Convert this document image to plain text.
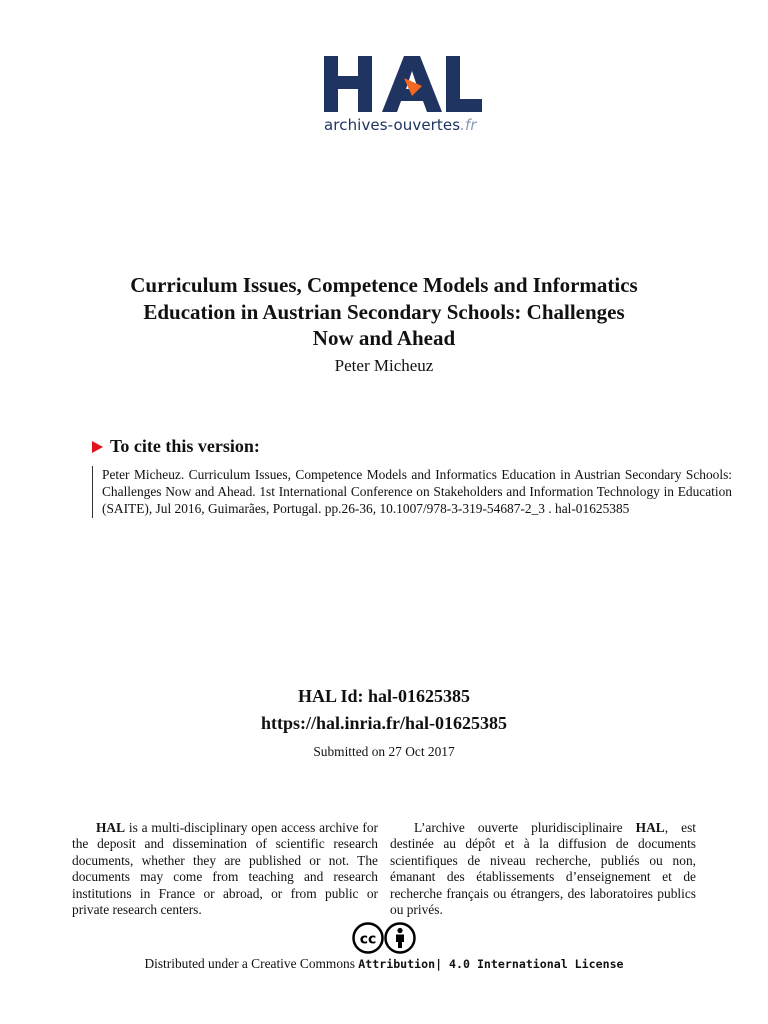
archives-ouvertes.fr
Curriculum Issues, Competence Models and Informatics
Education in Austrian Secondary Schools: Challenges
Now and Ahead
Peter Micheuz
To cite this version:
Peter Micheuz. Curriculum Issues, Competence Models and Informatics Education in Austrian Secondary Schools: Challenges Now and Ahead. 1st International Conference on Stakeholders and Information Technology in Education (SAITE), Jul 2016, Guimarães, Portugal. pp.26-36, 10.1007/978-3-319-54687-2_3 . hal-01625385
HAL Id: hal-01625385
https://hal.inria.fr/hal-01625385
Submitted on 27 Oct 2017
HAL is a multi-disciplinary open access archive for the deposit and dissemination of scientific research documents, whether they are published or not. The documents may come from teaching and research institutions in France or abroad, or from public or private research centers.
L’archive ouverte pluridisciplinaire HAL, est destinée au dépôt et à la diffusion de documents scientifiques de niveau recherche, publiés ou non, émanant des établissements d’enseignement et de recherche français ou étrangers, des laboratoires publics ou privés.
cc
Distributed under a Creative Commons Attribution| 4.0 International License
